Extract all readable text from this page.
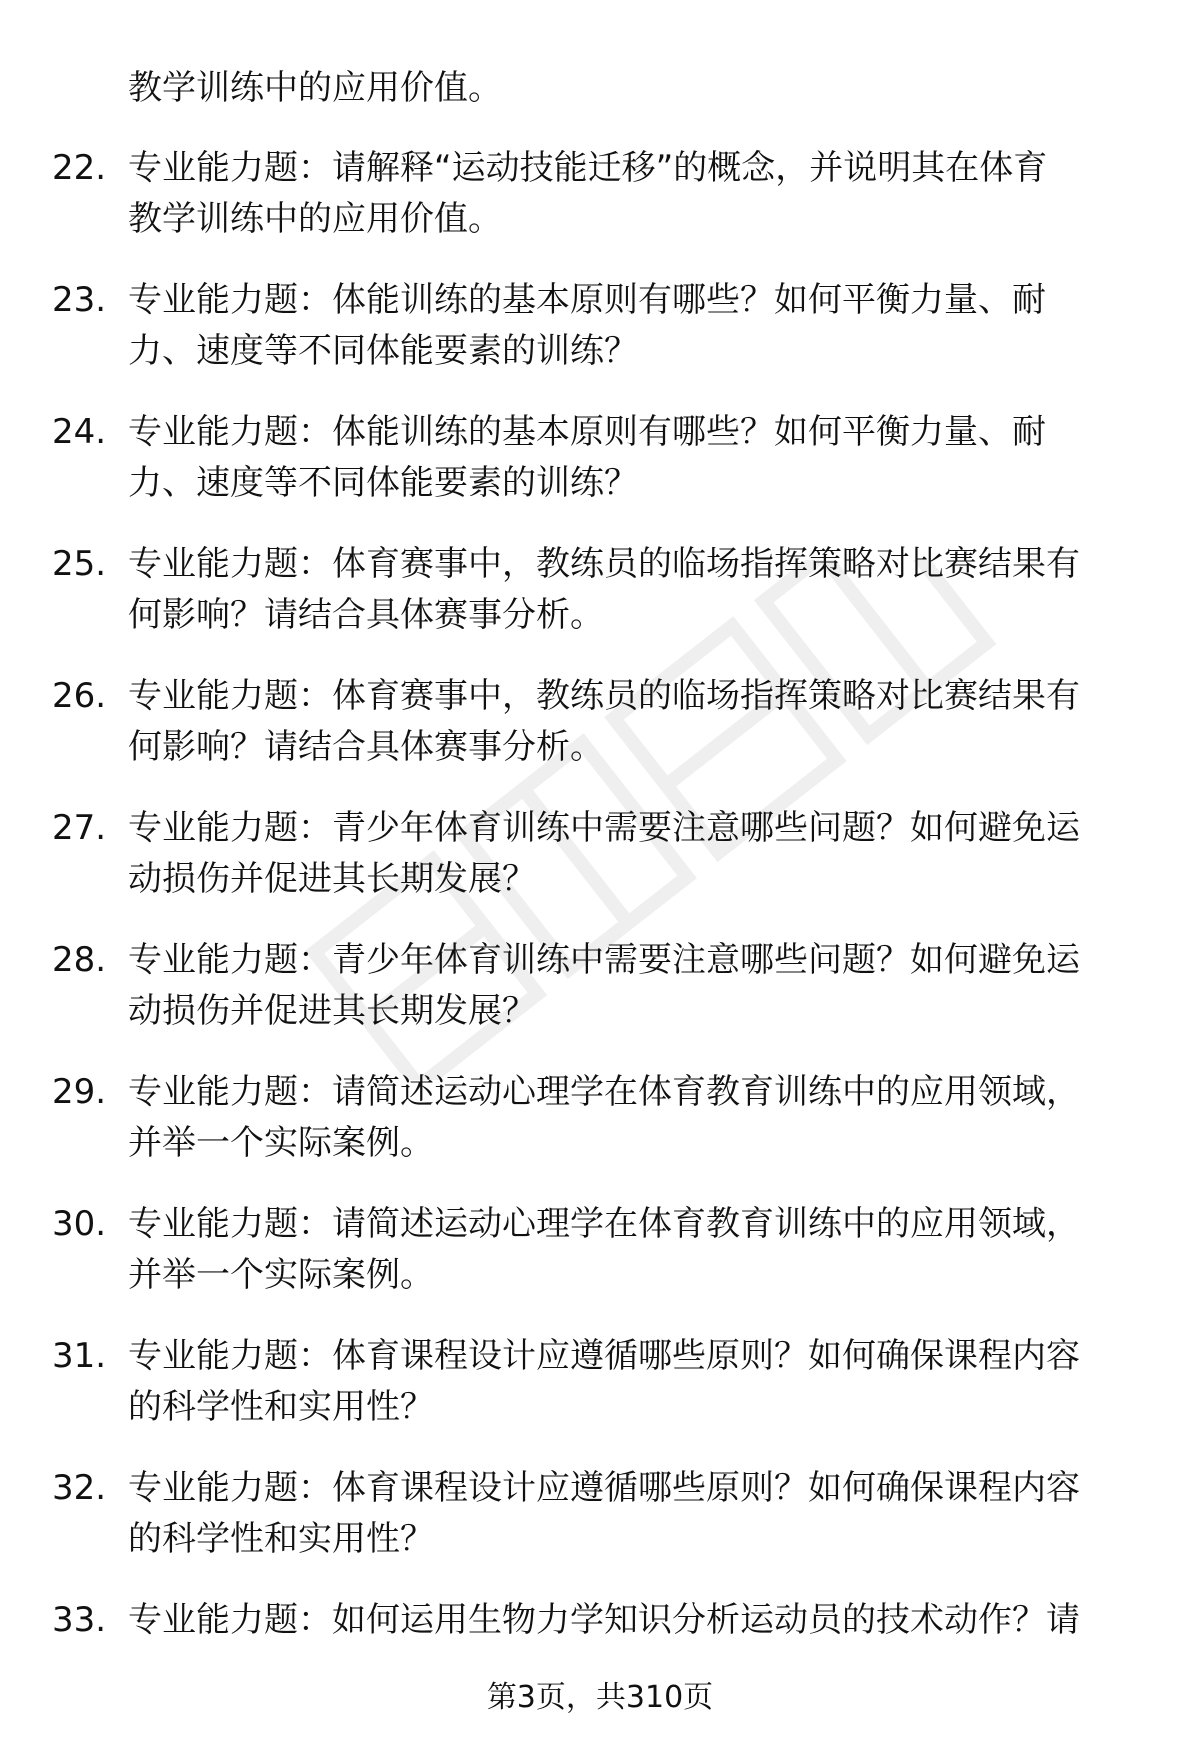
教学训练中的应用价值。
22. 专业能力题：请解释“运动技能迁移”的概念，并说明其在体育
教学训练中的应用价值。
23. 专业能力题：体能训练的基本原则有哪些？如何平衡力量、耐
力、速度等不同体能要素的训练？
24. 专业能力题：体能训练的基本原则有哪些？如何平衡力量、耐
力、速度等不同体能要素的训练？
25. 专业能力题：体育赛事中，教练员的临场指挥策略对比赛结果有
何影响？请结合具体赛事分析。
26. 专业能力题：体育赛事中，教练员的临场指挥策略对比赛结果有
何影响？请结合具体赛事分析。
27. 专业能力题：青少年体育训练中需要注意哪些问题？如何避免运
动损伤并促进其长期发展？
28. 专业能力题：青少年体育训练中需要注意哪些问题？如何避免运
动损伤并促进其长期发展？
29. 专业能力题：请简述运动心理学在体育教育训练中的应用领域，
并举一个实际案例。
30. 专业能力题：请简述运动心理学在体育教育训练中的应用领域，
并举一个实际案例。
31. 专业能力题：体育课程设计应遵循哪些原则？如何确保课程内容
的科学性和实用性？
32. 专业能力题：体育课程设计应遵循哪些原则？如何确保课程内容
的科学性和实用性？
33. 专业能力题：如何运用生物力学知识分析运动员的技术动作？请
第3页，共310页
